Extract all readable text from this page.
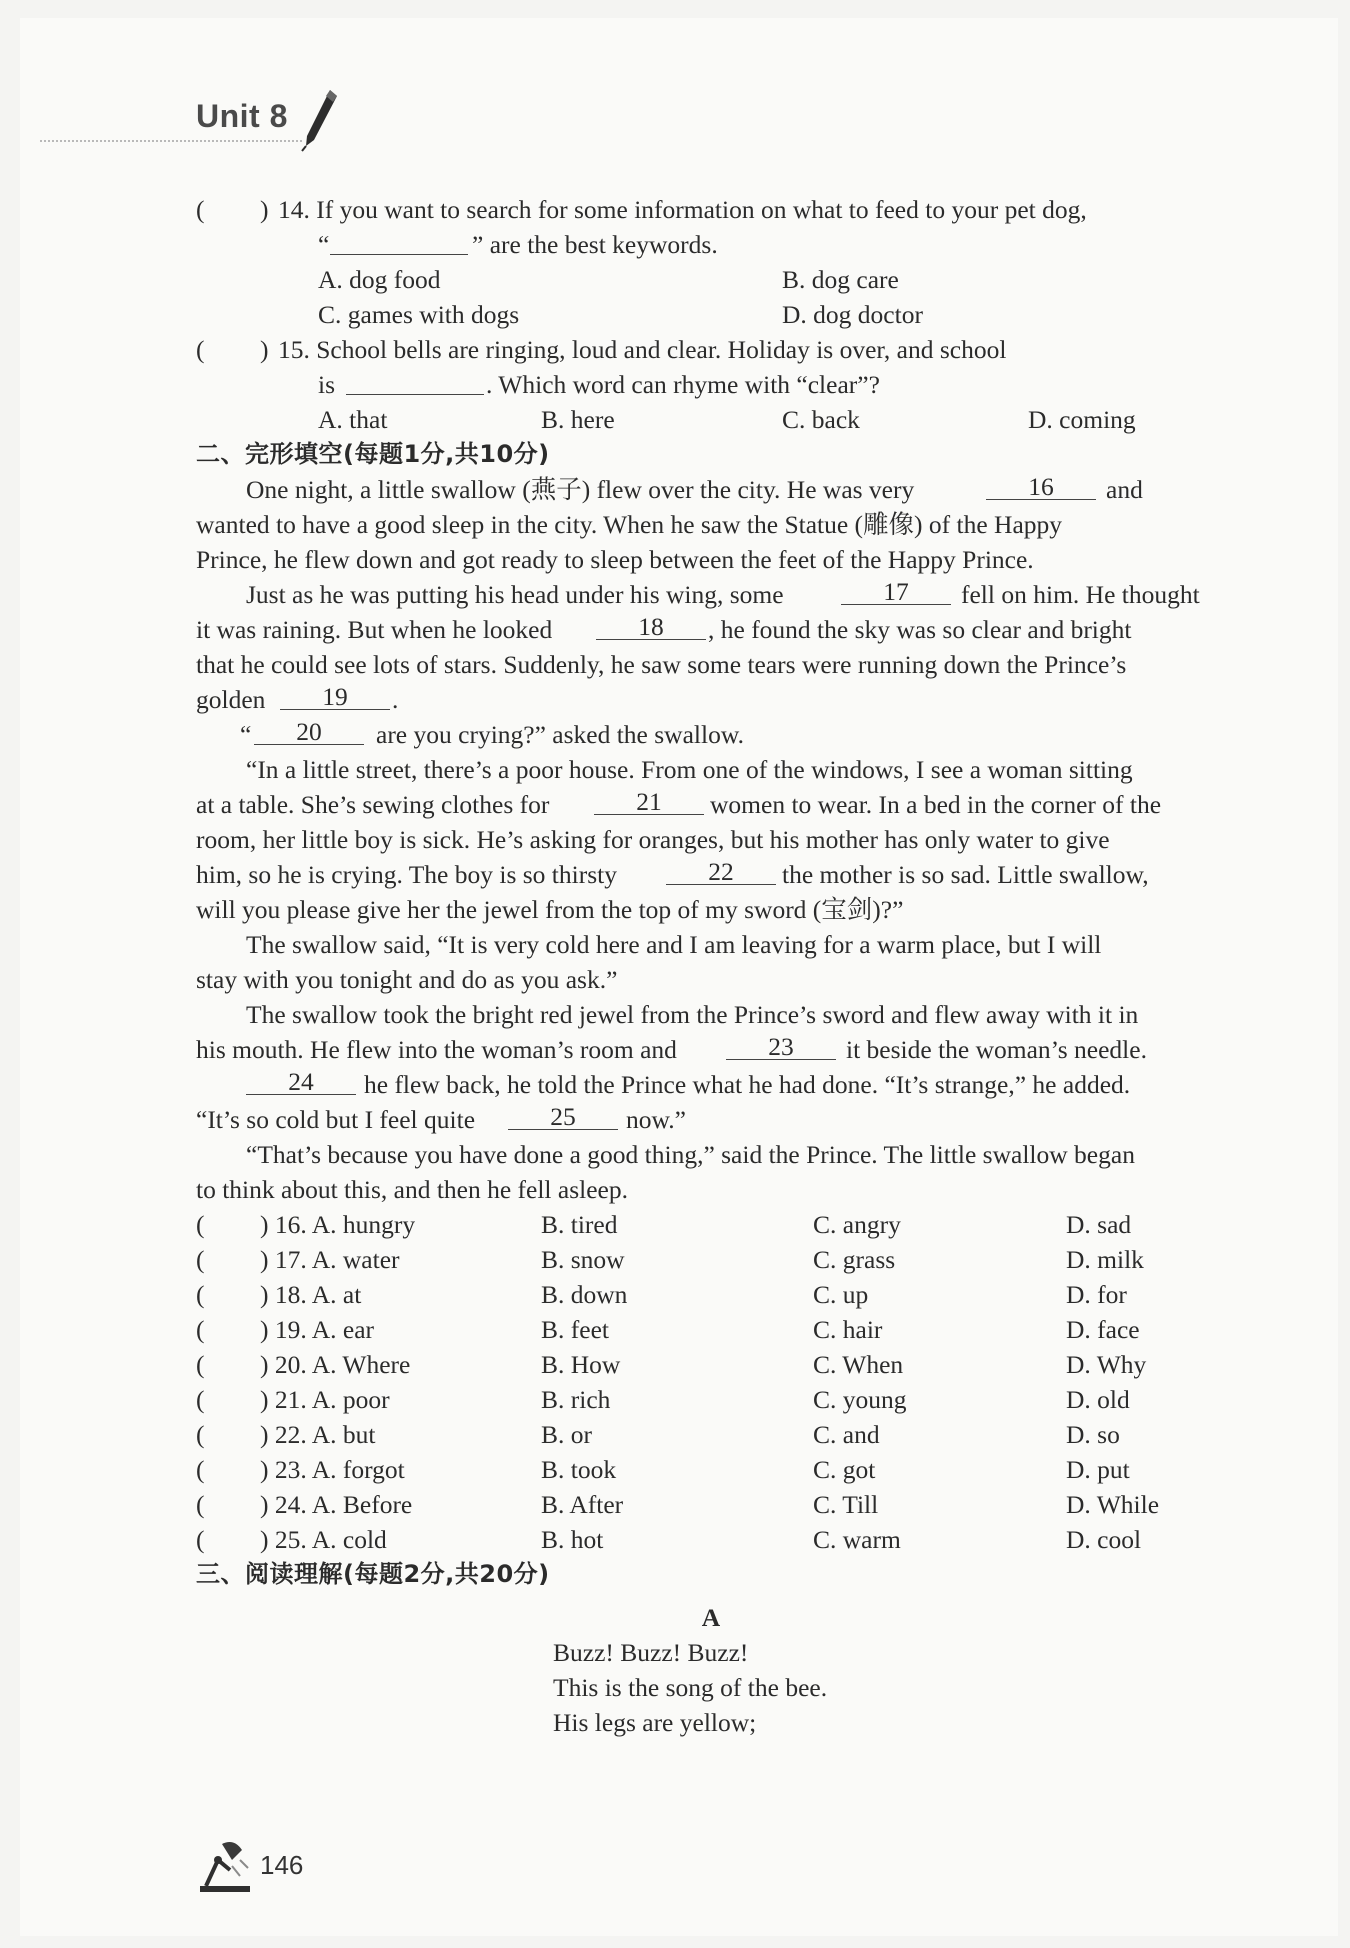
Unit 8
( ) 14. If you want to search for some information on what to feed to your pet dog,
“	” are the best keywords.
A. dog food	B. dog care
C. games with dogs	D. dog doctor
( ) 15. School bells are ringing, loud and clear. Holiday is over, and school
is	. Which word can rhyme with “clear”?
A. that	B. here	C. back	D. coming
二、完形填空(每题1分,共10分)
One night, a little swallow (燕子) flew over the city. He was very	16	and
wanted to have a good sleep in the city. When he saw the Statue (雕像) of the Happy
Prince, he flew down and got ready to sleep between the feet of the Happy Prince.
Just as he was putting his head under his wing, some	17	fell on him. He thought
it was raining. But when he looked	18	, he found the sky was so clear and bright
that he could see lots of stars. Suddenly, he saw some tears were running down the Prince’s
golden	19	.
“	20	are you crying?” asked the swallow.
“In a little street, there’s a poor house. From one of the windows, I see a woman sitting
at a table. She’s sewing clothes for	21	women to wear. In a bed in the corner of the
room, her little boy is sick. He’s asking for oranges, but his mother has only water to give
him, so he is crying. The boy is so thirsty	22	the mother is so sad. Little swallow,
will you please give her the jewel from the top of my sword (宝剑)?”
The swallow said, “It is very cold here and I am leaving for a warm place, but I will
stay with you tonight and do as you ask.”
The swallow took the bright red jewel from the Prince’s sword and flew away with it in
his mouth. He flew into the woman’s room and	23	it beside the woman’s needle.
24	he flew back, he told the Prince what he had done. “It’s strange,” he added.
“It’s so cold but I feel quite	25	now.”
“That’s because you have done a good thing,” said the Prince. The little swallow began
to think about this, and then he fell asleep.
( ) 16. A. hungry	B. tired	C. angry	D. sad
( ) 17. A. water	B. snow	C. grass	D. milk
( ) 18. A. at	B. down	C. up	D. for
( ) 19. A. ear	B. feet	C. hair	D. face
( ) 20. A. Where	B. How	C. When	D. Why
( ) 21. A. poor	B. rich	C. young	D. old
( ) 22. A. but	B. or	C. and	D. so
( ) 23. A. forgot	B. took	C. got	D. put
( ) 24. A. Before	B. After	C. Till	D. While
( ) 25. A. cold	B. hot	C. warm	D. cool
三、阅读理解(每题2分,共20分)
A
Buzz! Buzz! Buzz!
This is the song of the bee.
His legs are yellow;
146
